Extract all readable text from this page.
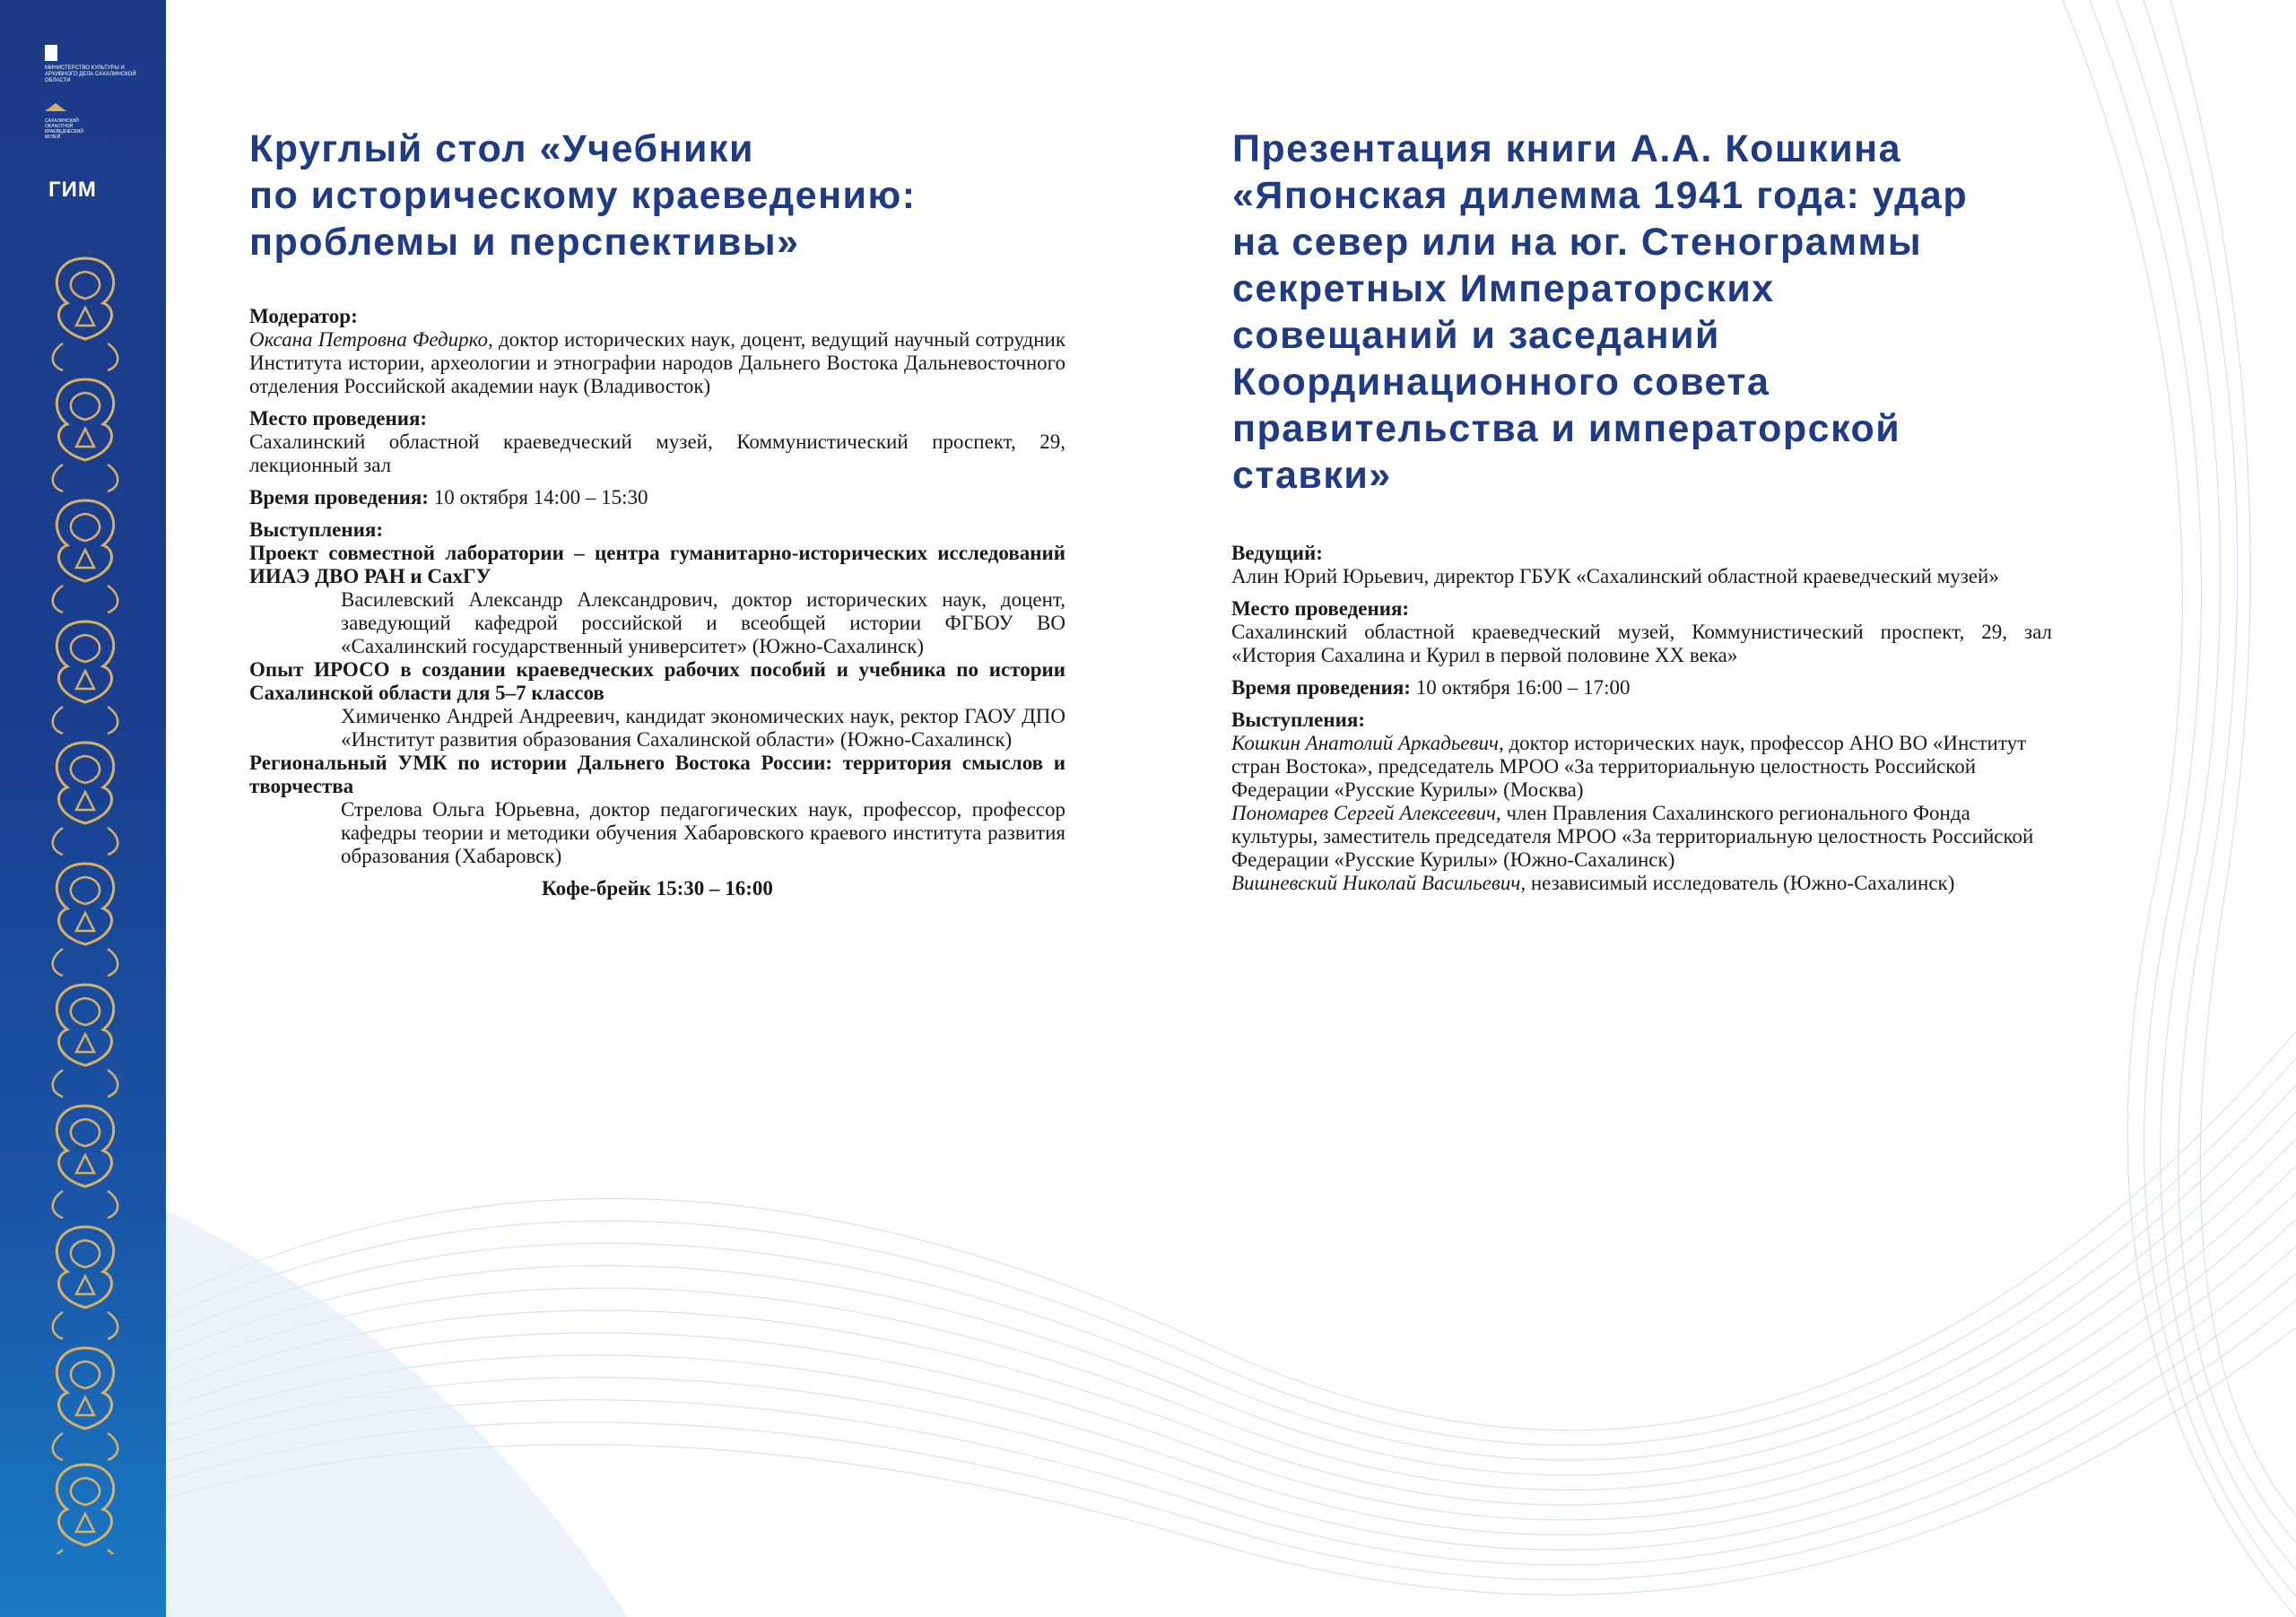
МИНИСТЕРСТВО КУЛЬТУРЫ И АРХИВНОГО ДЕЛА САХАЛИНСКОЙ ОБЛАСТИ
САХАЛИНСКИЙ ОБЛАСТНОЙ КРАЕВЕДЧЕСКИЙ МУЗЕЙ
ГИМ
Круглый стол «Учебники
по историческому краеведению:
проблемы и перспективы»
Модератор:
Оксана Петровна Федирко, доктор исторических наук, доцент, ведущий научный сотрудник Института истории, археологии и этнографии народов Дальнего Востока Дальневосточного отделения Российской академии наук (Владивосток)
Место проведения:
Сахалинский областной краеведческий музей, Коммунистический проспект, 29, лекционный зал
Время проведения: 10 октября 14:00 – 15:30
Выступления:
Проект совместной лаборатории – центра гуманитарно-исторических исследований ИИАЭ ДВО РАН и СахГУ
Василевский Александр Александрович, доктор исторических наук, доцент, заведующий кафедрой российской и всеобщей истории ФГБОУ ВО «Сахалинский государственный университет» (Южно-Сахалинск)
Опыт ИРОСО в создании краеведческих рабочих пособий и учебника по истории Сахалинской области для 5–7 классов
Химиченко Андрей Андреевич, кандидат экономических наук, ректор ГАОУ ДПО «Институт развития образования Сахалинской области» (Южно-Сахалинск)
Региональный УМК по истории Дальнего Востока России: территория смыслов и творчества
Стрелова Ольга Юрьевна, доктор педагогических наук, профессор, профессор кафедры теории и методики обучения Хабаровского краевого института развития образования (Хабаровск)
Кофе-брейк 15:30 – 16:00
Презентация книги А.А. Кошкина
«Японская дилемма 1941 года: удар
на север или на юг. Стенограммы
секретных Императорских
совещаний и заседаний
Координационного совета
правительства и императорской
ставки»
Ведущий:
Алин Юрий Юрьевич, директор ГБУК «Сахалинский областной краеведческий музей»
Место проведения:
Сахалинский областной краеведческий музей, Коммунистический проспект, 29, зал «История Сахалина и Курил в первой половине XX века»
Время проведения: 10 октября 16:00 – 17:00
Выступления:
Кошкин Анатолий Аркадьевич, доктор исторических наук, профессор АНО ВО «Институт стран Востока», председатель МРОО «За территориальную целостность Российской Федерации «Русские Курилы» (Москва)
Пономарев Сергей Алексеевич, член Правления Сахалинского регионального Фонда культуры, заместитель председателя МРОО «За территориальную целостность Российской Федерации «Русские Курилы» (Южно-Сахалинск)
Вишневский Николай Васильевич, независимый исследователь (Южно-Сахалинск)
